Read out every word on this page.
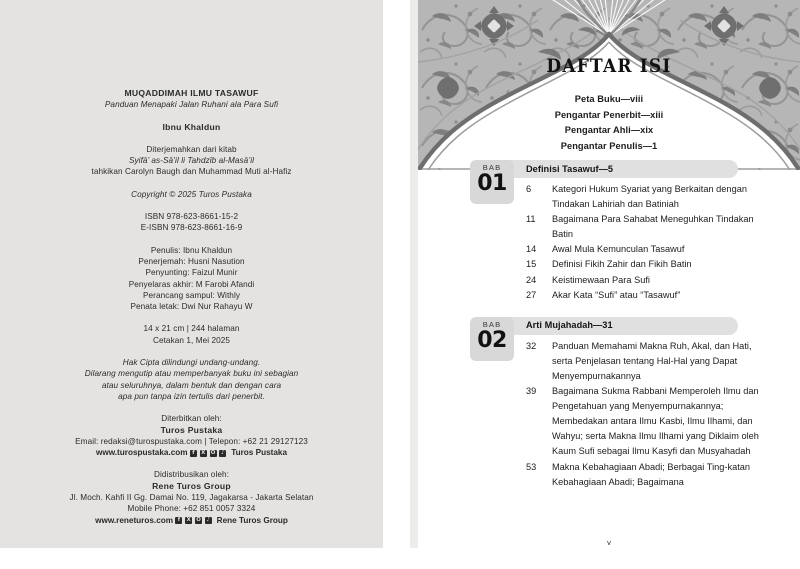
MUQADDIMAH ILMU TASAWUF
Panduan Menapaki Jalan Ruhani ala Para Sufi
Ibnu Khaldun
Diterjemahkan dari kitab
Syifā’ as-Sā’il li Tahdzīb al-Masā’il
tahkikan Carolyn Baugh dan Muhammad Muti al-Hafiz
Copyright © 2025 Turos Pustaka
ISBN 978-623-8661-15-2
E-ISBN 978-623-8661-16-9
Penulis: Ibnu Khaldun
Penerjemah: Husni Nasution
Penyunting: Faizul Munir
Penyelaras akhir: M Farobi Afandi
Perancang sampul: Withly
Penata letak: Dwi Nur Rahayu W
14 x 21 cm | 244 halaman
Cetakan 1, Mei 2025
Hak Cipta dilindungi undang-undang.
Dilarang mengutip atau memperbanyak buku ini sebagian
atau seluruhnya, dalam bentuk dan dengan cara
apa pun tanpa izin tertulis dari penerbit.
Diterbitkan oleh:
Turos Pustaka
Email: redaksi@turospustaka.com | Telepon: +62 21 29127123
www.turospustaka.com f	X O	♪ Turos Pustaka
Didistribusikan oleh:
Rene Turos Group
Jl. Moch. Kahfi II Gg. Damai No. 119, Jagakarsa - Jakarta Selatan
Mobile Phone: +62 851 0057 3324
www.reneturos.com f	X O	♪ Rene Turos Group
DAFTAR ISI
Peta Buku—viii
Pengantar Penerbit—xiii
Pengantar Ahli—xix
Pengantar Penulis—1
Definisi Tasawuf—5
BAB
01	6	Kategori Hukum Syariat yang Berkaitan dengan Tindakan Lahiriah dan Batiniah
11	Bagaimana Para Sahabat Meneguhkan Tindakan Batin
14	Awal Mula Kemunculan Tasawuf
15	Definisi Fikih Zahir dan Fikih Batin
24	Keistimewaan Para Sufi
27	Akar Kata “Sufi” atau “Tasawuf”
Arti Mujahadah—31
BAB
02	32	Panduan Memahami Makna Ruh, Akal, dan Hati, serta Penjelasan tentang Hal-Hal yang Dapat Menyempurnakannya
39	Bagaimana Sukma Rabbani Memperoleh Ilmu dan Pengetahuan yang Menyempurnakannya; Membedakan antara Ilmu Kasbi, Ilmu Ilhami, dan Wahyu; serta Makna Ilmu Ilhami yang Diklaim oleh Kaum Sufi sebagai Ilmu Kasyfi dan Musyahadah
53	Makna Kebahagiaan Abadi; Berbagai Ting-katan Kebahagiaan Abadi; Bagaimana
v
